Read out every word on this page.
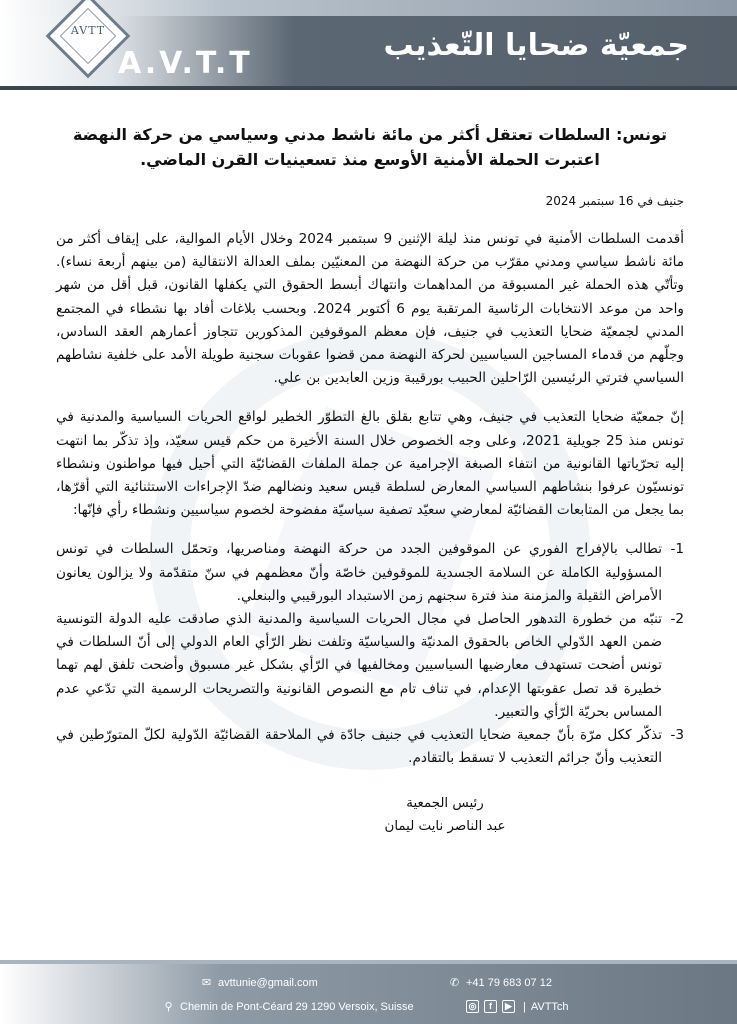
AVTT
A.V.T.T
جمعيّة ضحايا التّعذيب
تونس: السلطات تعتقل أكثر من مائة ناشط مدني وسياسي من حركة النهضة
اعتبرت الحملة الأمنية الأوسع منذ تسعينيات القرن الماضي.
جنيف في 16 سبتمبر 2024

أقدمت السلطات الأمنية في تونس منذ ليلة الإثنين 9 سبتمبر 2024 وخلال الأيام الموالية، على إيقاف أكثر من مائة ناشط سياسي ومدني مقرّب من حركة النهضة من المعنيّين بملف العدالة الانتقالية (من بينهم أربعة نساء). وتأتّي هذه الحملة غير المسبوقة من المداهمات وانتهاك أبسط الحقوق التي يكفلها القانون، قبل أقل من شهر واحد من موعد الانتخابات الرئاسية المرتقبة يوم 6 أكتوبر 2024. وبحسب بلاغات أفاد بها نشطاء في المجتمع المدني لجمعيّة ضحايا التعذيب في جنيف، فإن معظم الموقوفين المذكورين تتجاوز أعمارهم العقد السادس، وجلّهم من قدماء المساجين السياسيين لحركة النهضة ممن قضوا عقوبات سجنية طويلة الأمد على خلفية نشاطهم السياسي فترتي الرئيسين الرّاحلين الحبيب بورقيبة وزين العابدين بن علي.

إنّ جمعيّة ضحايا التعذيب في جنيف، وهي تتابع بقلق بالغ التطوّر الخطير لواقع الحريات السياسية والمدنية في تونس منذ 25 جويلية 2021، وعلى وجه الخصوص خلال السنة الأخيرة من حكم قيس سعيّد، وإذ تذكّر بما انتهت إليه تحرّياتها القانونية من انتفاء الصبغة الإجرامية عن جملة الملفات القضائيّة التي أحيل فيها مواطنون ونشطاء تونسيّون عرفوا بنشاطهم السياسي المعارض لسلطة قيس سعيد ونضالهم ضدّ الإجراءات الاستثنائية التي أقرّها، بما يجعل من المتابعات القضائيّة لمعارضي سعيّد تصفية سياسيّة مفضوحة لخصوم سياسيين ونشطاء رأي فإنّها:

1-
تطالب بالإفراج الفوري عن الموقوفين الجدد من حركة النهضة ومناصريها، وتحمّل السلطات في تونس المسؤولية الكاملة عن السلامة الجسدية للموقوفين خاصّة وأنّ معظمهم في سنّ متقدّمة ولا يزالون يعانون الأمراض الثقيلة والمزمنة منذ فترة سجنهم زمن الاستبداد البورقيبي والبنعلي.
2-
تنبّه من خطورة التدهور الحاصل في مجال الحريات السياسية والمدنية الذي صادقت عليه الدولة التونسية ضمن العهد الدّولي الخاص بالحقوق المدنيّة والسياسيّة وتلفت نظر الرّأي العام الدولي إلى أنّ السلطات في تونس أضحت تستهدف معارضيها السياسيين ومخالفيها في الرّأي بشكل غير مسبوق وأضحت تلفق لهم تهما خطيرة قد تصل عقوبتها الإعدام، في تناف تام مع النصوص القانونية والتصريحات الرسمية التي تدّعي عدم المساس بحريّة الرّأي والتعبير.
3-
تذكّر ككل مرّة بأنّ جمعية ضحايا التعذيب في جنيف جادّة في الملاحقة القضائيّة الدّولية لكلّ المتورّطين في التعذيب وأنّ جرائم التعذيب لا تسقط بالتقادم.
رئيس الجمعية
عبد الناصر نايت ليمان
✉ avttunie@gmail.com	✆ +41 79 683 07 12
⚲ Chemin de Pont-Céard 29 1290 Versoix, Suisse	◎	f	▶ | AVTTch
